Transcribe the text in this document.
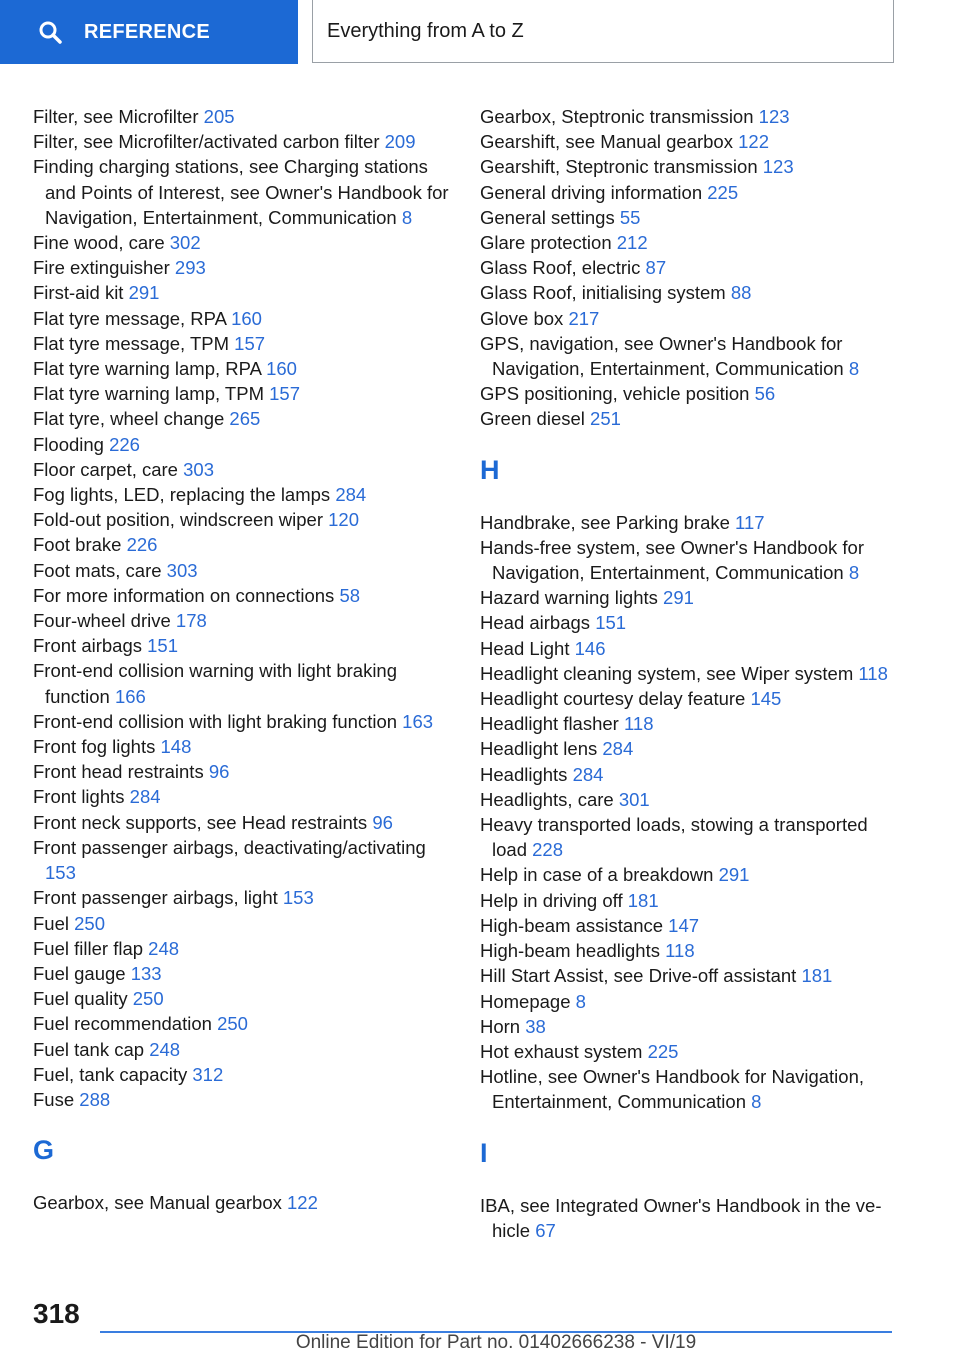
REFERENCE	Everything from A to Z
Filter, see Microfilter 205
Filter, see Microfilter/activated carbon filter 209
Finding charging stations, see Charging stations and Points of Interest, see Owner's Handbook for Navigation, Entertainment, Communication 8
Fine wood, care 302
Fire extinguisher 293
First-aid kit 291
Flat tyre message, RPA 160
Flat tyre message, TPM 157
Flat tyre warning lamp, RPA 160
Flat tyre warning lamp, TPM 157
Flat tyre, wheel change 265
Flooding 226
Floor carpet, care 303
Fog lights, LED, replacing the lamps 284
Fold-out position, windscreen wiper 120
Foot brake 226
Foot mats, care 303
For more information on connections 58
Four-wheel drive 178
Front airbags 151
Front-end collision warning with light braking function 166
Front-end collision with light braking function 163
Front fog lights 148
Front head restraints 96
Front lights 284
Front neck supports, see Head restraints 96
Front passenger airbags, deactivating/activating 153
Front passenger airbags, light 153
Fuel 250
Fuel filler flap 248
Fuel gauge 133
Fuel quality 250
Fuel recommendation 250
Fuel tank cap 248
Fuel, tank capacity 312
Fuse 288
G
Gearbox, see Manual gearbox 122
Gearbox, Steptronic transmission 123
Gearshift, see Manual gearbox 122
Gearshift, Steptronic transmission 123
General driving information 225
General settings 55
Glare protection 212
Glass Roof, electric 87
Glass Roof, initialising system 88
Glove box 217
GPS, navigation, see Owner's Handbook for Navigation, Entertainment, Communication 8
GPS positioning, vehicle position 56
Green diesel 251
H
Handbrake, see Parking brake 117
Hands-free system, see Owner's Handbook for Navigation, Entertainment, Communication 8
Hazard warning lights 291
Head airbags 151
Head Light 146
Headlight cleaning system, see Wiper system 118
Headlight courtesy delay feature 145
Headlight flasher 118
Headlight lens 284
Headlights 284
Headlights, care 301
Heavy transported loads, stowing a transported load 228
Help in case of a breakdown 291
Help in driving off 181
High-beam assistance 147
High-beam headlights 118
Hill Start Assist, see Drive-off assistant 181
Homepage 8
Horn 38
Hot exhaust system 225
Hotline, see Owner's Handbook for Navigation, Entertainment, Communication 8
I
IBA, see Integrated Owner's Handbook in the vehicle 67
318
Online Edition for Part no. 01402666238 - VI/19
